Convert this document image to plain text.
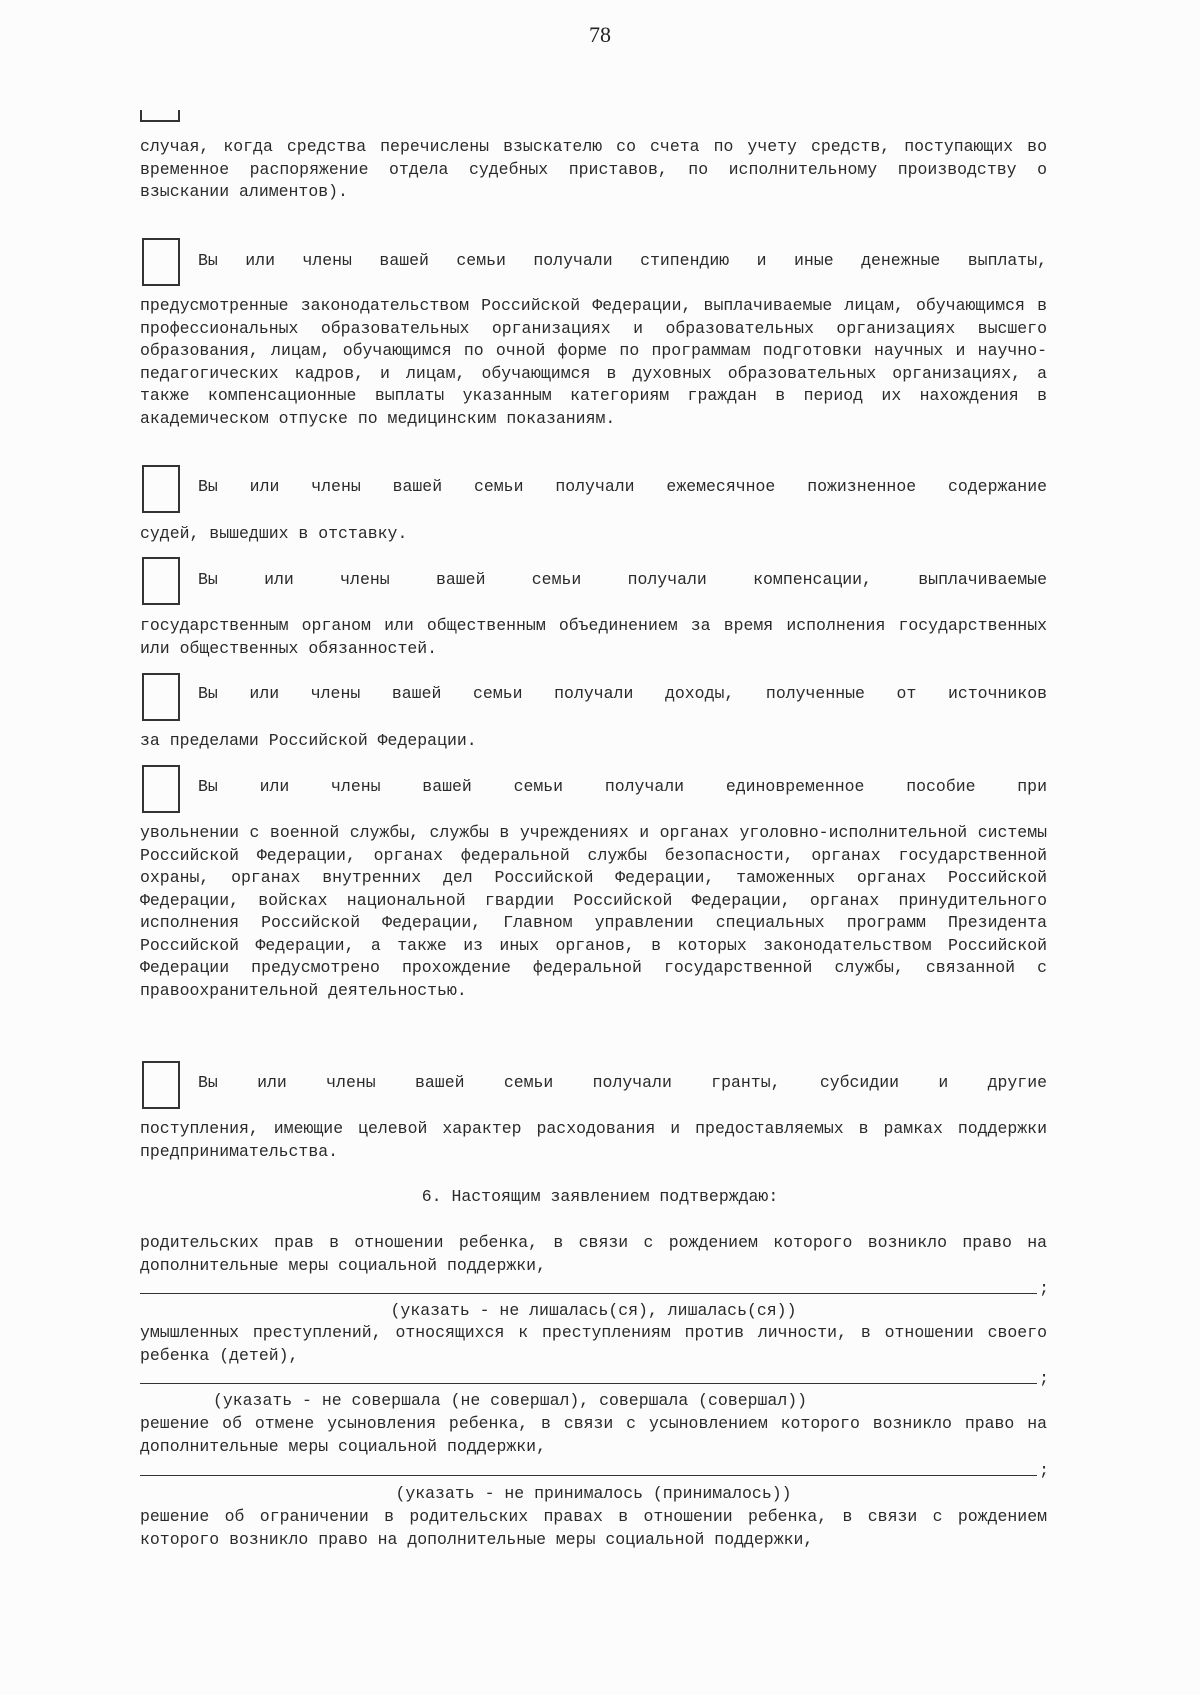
78
случая, когда средства перечислены взыскателю со счета по учету средств, поступающих во временное распоряжение отдела судебных приставов, по исполнительному производству о взыскании алиментов).
Вы или члены вашей семьи получали стипендию и иные денежные выплаты,
предусмотренные законодательством Российской Федерации, выплачиваемые лицам, обучающимся в профессиональных образовательных организациях и образовательных организациях высшего образования, лицам, обучающимся по очной форме по программам подготовки научных и научно-педагогических кадров, и лицам, обучающимся в духовных образовательных организациях, а также компенсационные выплаты указанным категориям граждан в период их нахождения в академическом отпуске по медицинским показаниям.
Вы или члены вашей семьи получали ежемесячное пожизненное содержание
судей, вышедших в отставку.
Вы или члены вашей семьи получали компенсации, выплачиваемые
государственным органом или общественным объединением за время исполнения государственных или общественных обязанностей.
Вы или члены вашей семьи получали доходы, полученные от источников
за пределами Российской Федерации.
Вы или члены вашей семьи получали единовременное пособие при
увольнении с военной службы, службы в учреждениях и органах уголовно-исполнительной системы Российской Федерации, органах федеральной службы безопасности, органах государственной охраны, органах внутренних дел Российской Федерации, таможенных органах Российской Федерации, войсках национальной гвардии Российской Федерации, органах принудительного исполнения Российской Федерации, Главном управлении специальных программ Президента Российской Федерации, а также из иных органов, в которых законодательством Российской Федерации предусмотрено прохождение федеральной государственной службы, связанной с правоохранительной деятельностью.
Вы или члены вашей семьи получали гранты, субсидии и другие
поступления, имеющие целевой характер расходования и предоставляемых в рамках поддержки предпринимательства.
6. Настоящим заявлением подтверждаю:
родительских прав в отношении ребенка, в связи с рождением которого возникло право на дополнительные меры социальной поддержки,
;
(указать - не лишалась(ся), лишалась(ся))
умышленных преступлений, относящихся к преступлениям против личности, в отношении своего ребенка (детей),
;
(указать - не совершала (не совершал), совершала (совершал))
решение об отмене усыновления ребенка, в связи с усыновлением которого возникло право на дополнительные меры социальной поддержки,
;
(указать - не принималось (принималось))
решение об ограничении в родительских правах в отношении ребенка, в связи с рождением которого возникло право на дополнительные меры социальной поддержки,
